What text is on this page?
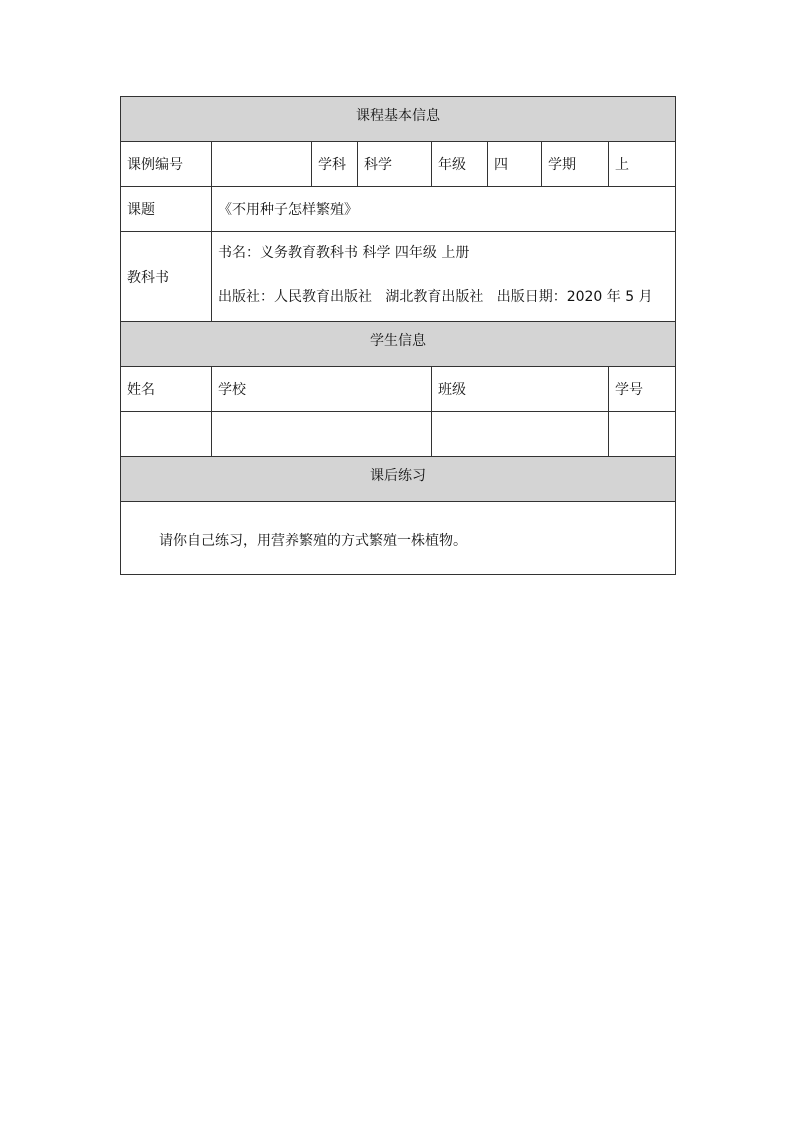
课程基本信息							
课例编号		学科	科学	年级	四	学期	上
课题	《不用种子怎样繁殖》						
教科书	书名：义务教育教科书 科学 四年级 上册
出版社：人民教育出版社   湖北教育出版社   出版日期：2020 年 5 月						

学生信息							
姓名	学校			班级			学号

课后练习							
请你自己练习，用营养繁殖的方式繁殖一株植物。							
